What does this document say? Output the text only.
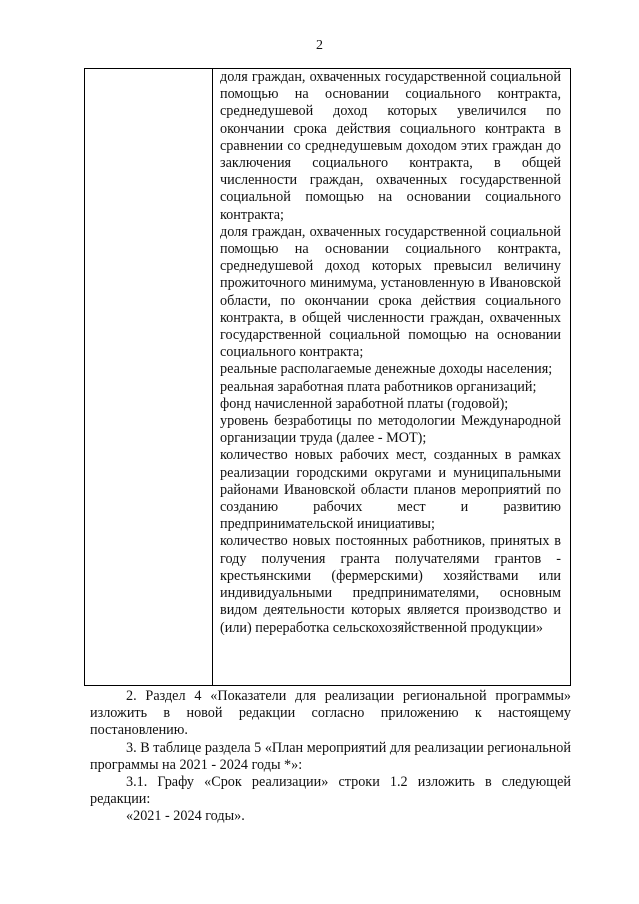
2
доля граждан, охваченных государственной социальной помощью на основании социального контракта, среднедушевой доход которых увеличился по окончании срока действия социального контракта в сравнении со среднедушевым доходом этих граждан до заключения социального контракта, в общей численности граждан, охваченных государственной социальной помощью на основании социального контракта;
доля граждан, охваченных государственной социальной помощью на основании социального контракта, среднедушевой доход которых превысил величину прожиточного минимума, установленную в Ивановской области, по окончании срока действия социального контракта, в общей численности граждан, охваченных государственной социальной помощью на основании социального контракта;
реальные располагаемые денежные доходы населения;
реальная заработная плата работников организаций;
фонд начисленной заработной платы (годовой);
уровень безработицы по методологии Международной организации труда (далее - МОТ);
количество новых рабочих мест, созданных в рамках реализации городскими округами и муниципальными районами Ивановской области планов мероприятий по созданию рабочих мест и развитию предпринимательской инициативы;
количество новых постоянных работников, принятых в году получения гранта получателями грантов - крестьянскими (фермерскими) хозяйствами или индивидуальными предпринимателями, основным видом деятельности которых является производство и (или) переработка сельскохозяйственной продукции»

2. Раздел 4 «Показатели для реализации региональной программы» изложить в новой редакции согласно приложению к настоящему постановлению.

3. В таблице раздела 5 «План мероприятий для реализации региональной программы на 2021 - 2024 годы *»:

3.1. Графу «Срок реализации» строки 1.2 изложить в следующей редакции:

«2021 - 2024 годы».
